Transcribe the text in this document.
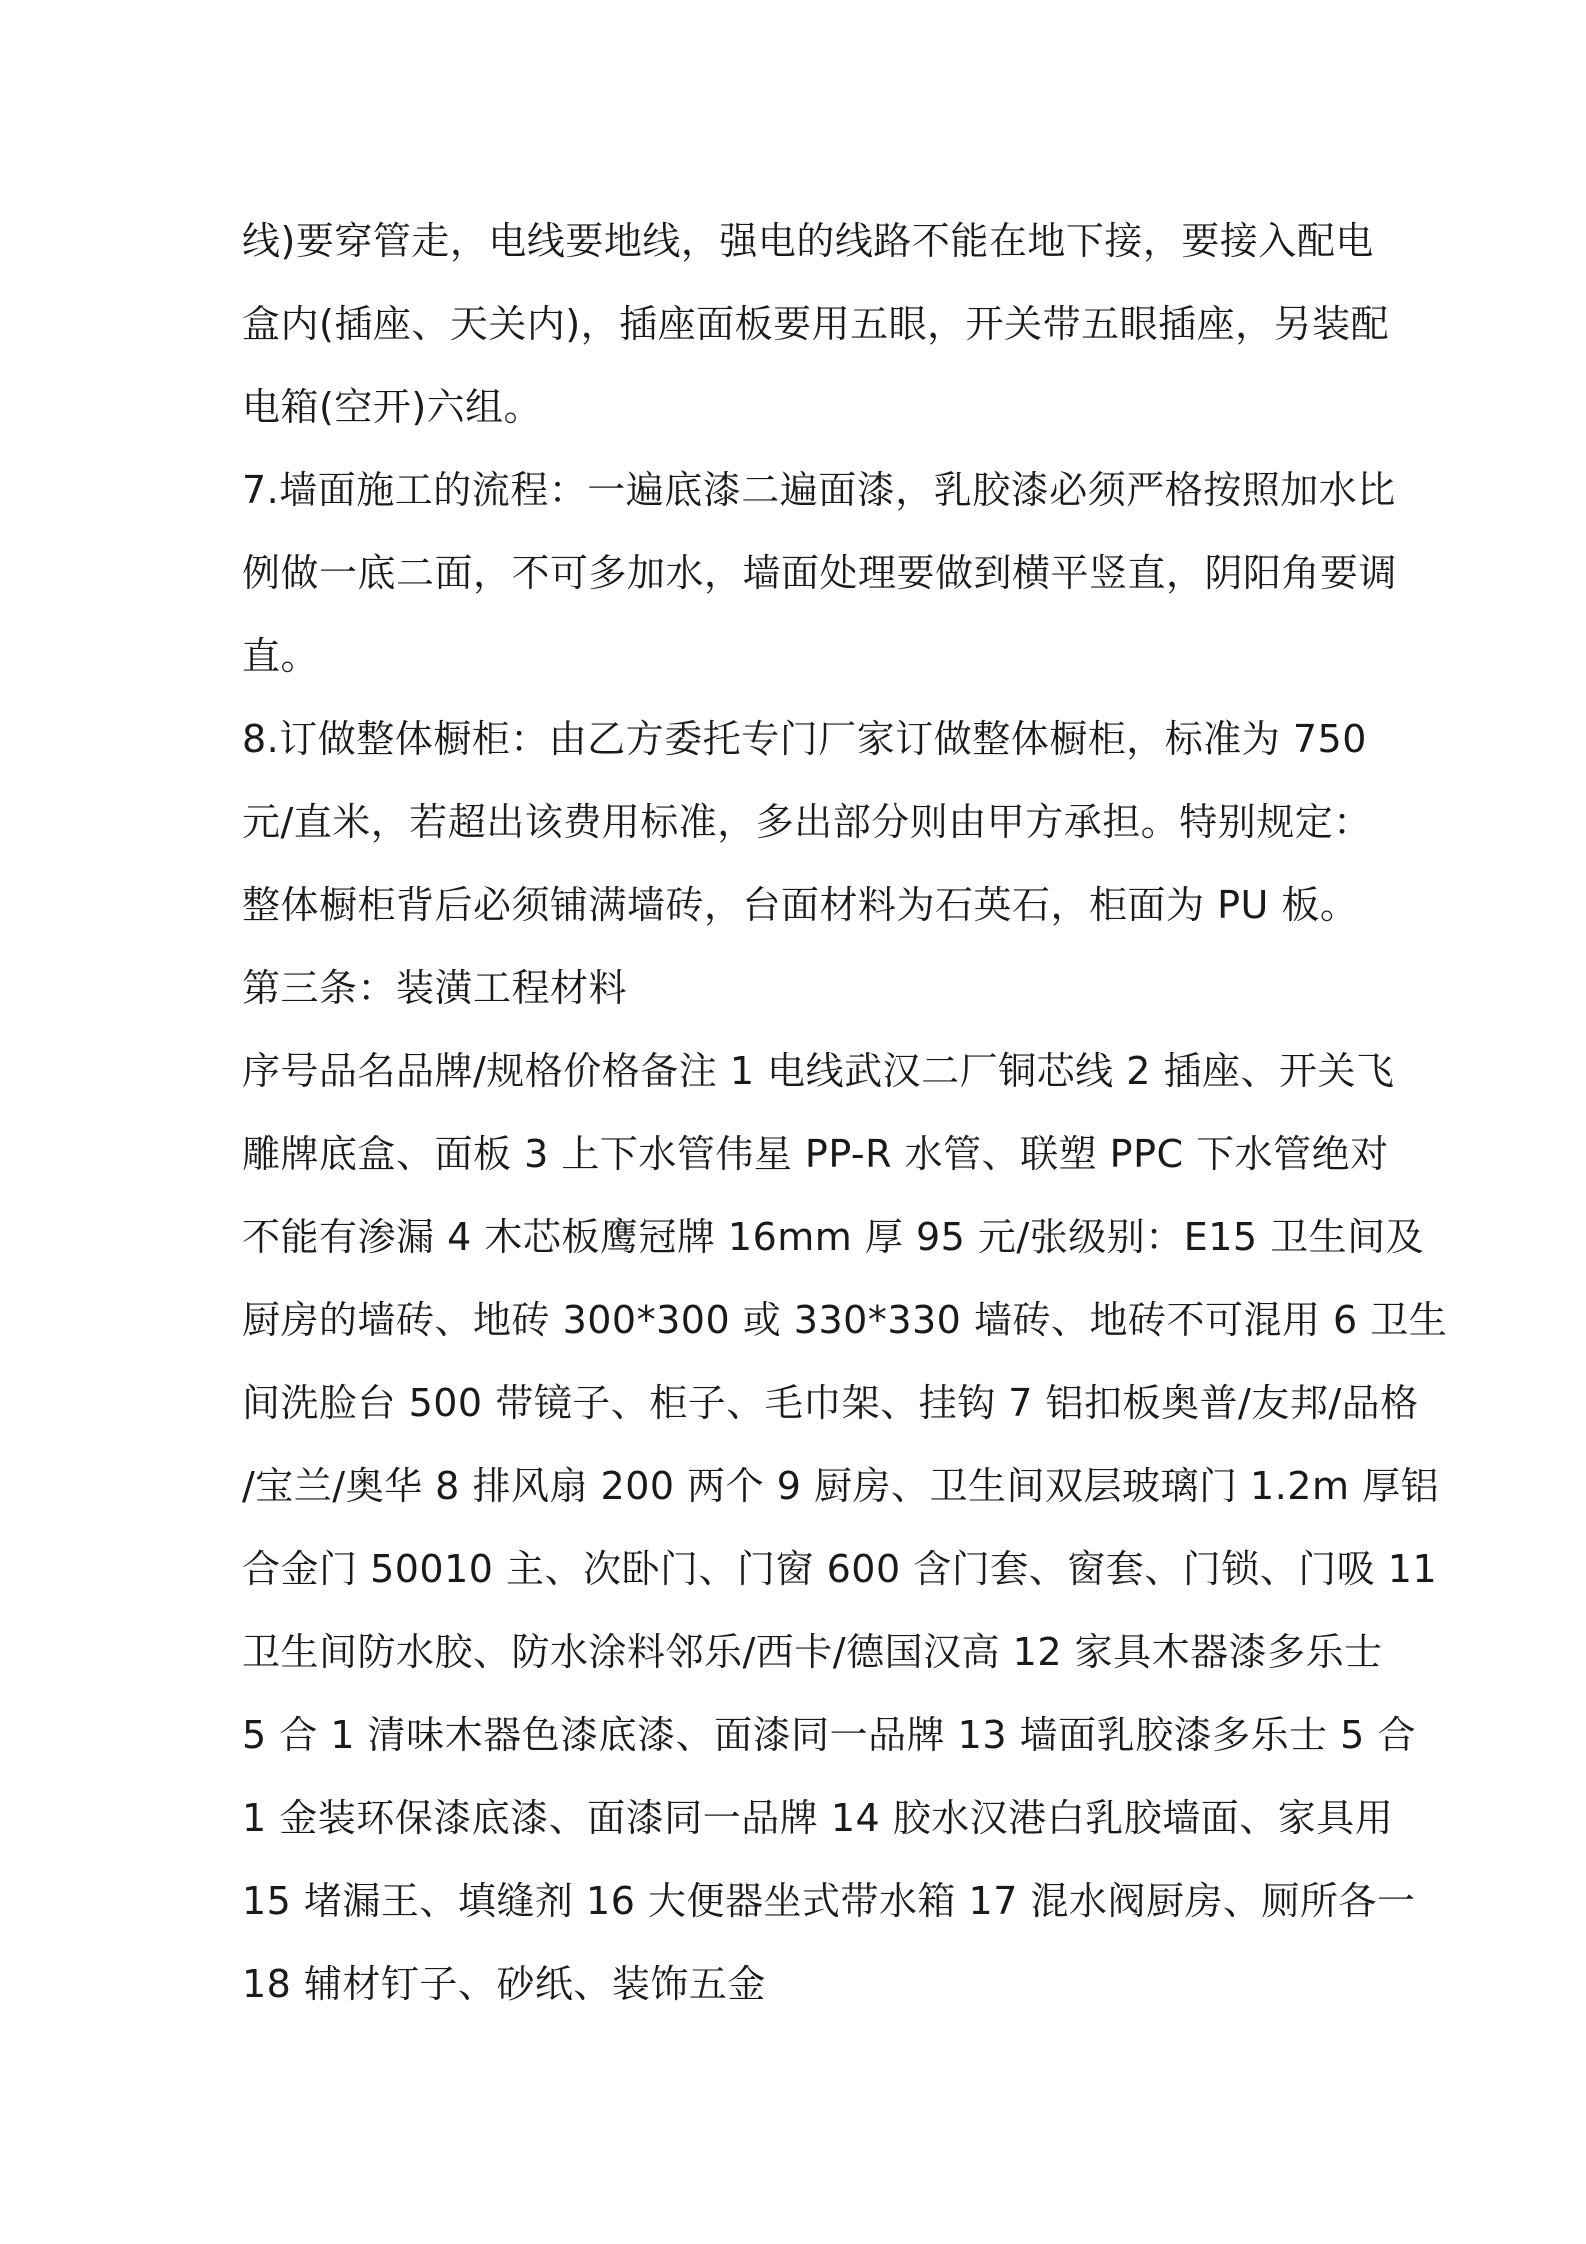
线)要穿管走，电线要地线，强电的线路不能在地下接，要接入配电
盒内(插座、天关内)，插座面板要用五眼，开关带五眼插座，另装配
电箱(空开)六组。
7.墙面施工的流程：一遍底漆二遍面漆，乳胶漆必须严格按照加水比
例做一底二面，不可多加水，墙面处理要做到横平竖直，阴阳角要调
直。
8.订做整体橱柜：由乙方委托专门厂家订做整体橱柜，标准为 750
元/直米，若超出该费用标准，多出部分则由甲方承担。特别规定：
整体橱柜背后必须铺满墙砖，台面材料为石英石，柜面为 PU 板。
第三条：装潢工程材料
序号品名品牌/规格价格备注 1 电线武汉二厂铜芯线 2 插座、开关飞
雕牌底盒、面板 3 上下水管伟星 PP-R 水管、联塑 PPC 下水管绝对
不能有渗漏 4 木芯板鹰冠牌 16mm 厚 95 元/张级别：E15 卫生间及
厨房的墙砖、地砖 300*300 或 330*330 墙砖、地砖不可混用 6 卫生
间洗脸台 500 带镜子、柜子、毛巾架、挂钩 7 铝扣板奥普/友邦/品格
/宝兰/奥华 8 排风扇 200 两个 9 厨房、卫生间双层玻璃门 1.2m 厚铝
合金门 50010 主、次卧门、门窗 600 含门套、窗套、门锁、门吸 11
卫生间防水胶、防水涂料邻乐/西卡/德国汉高 12 家具木器漆多乐士
5 合 1 清味木器色漆底漆、面漆同一品牌 13 墙面乳胶漆多乐士 5 合
1 金装环保漆底漆、面漆同一品牌 14 胶水汉港白乳胶墙面、家具用
15 堵漏王、填缝剂 16 大便器坐式带水箱 17 混水阀厨房、厕所各一
18 辅材钉子、砂纸、装饰五金
